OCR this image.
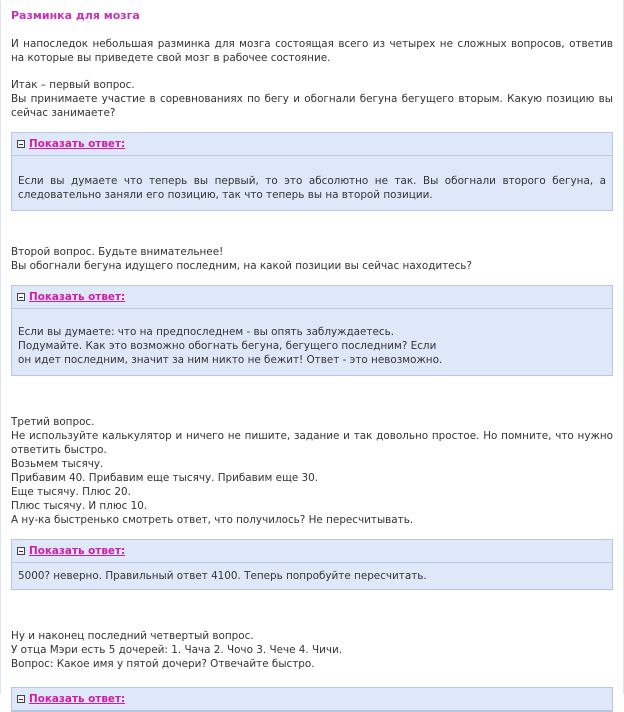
Разминка для мозга

И напоследок небольшая разминка для мозга состоящая всего из четырех не сложных вопросов, ответив на которые вы приведете свой мозг в рабочее состояние.

Итак – первый вопрос.

Вы принимаете участие в соревнованиях по бегу и обогнали бегуна бегущего вторым. Какую позицию вы сейчас занимаете?

Показать ответ:

Если вы думаете что теперь вы первый, то это абсолютно не так. Вы обогнали второго бегуна, а следовательно заняли его позицию, так что теперь вы на второй позиции.

Второй вопрос. Будьте внимательнее!

Вы обогнали бегуна идущего последним, на какой позиции вы сейчас находитесь?

Показать ответ:

Если вы думаете: что на предпоследнем - вы опять заблуждаетесь.

Подумайте. Как это возможно обогнать бегуна, бегущего последним? Если

он идет последним, значит за ним никто не бежит! Ответ - это невозможно.

Третий вопрос.

Не используйте калькулятор и ничего не пишите, задание и так довольно простое. Но помните, что нужно ответить быстро.

Возьмем тысячу.

Прибавим 40. Прибавим еще тысячу. Прибавим еще 30.

Еще тысячу. Плюс 20.

Плюс тысячу. И плюс 10.

А ну-ка быстренько смотреть ответ, что получилось? Не пересчитывать.

Показать ответ:

5000? неверно. Правильный ответ 4100. Теперь попробуйте пересчитать.

Ну и наконец последний четвертый вопрос.

У отца Мэри есть 5 дочерей: 1. Чача 2. Чочо 3. Чече 4. Чичи.

Вопрос: Какое имя у пятой дочери? Отвечайте быстро.

Показать ответ:
